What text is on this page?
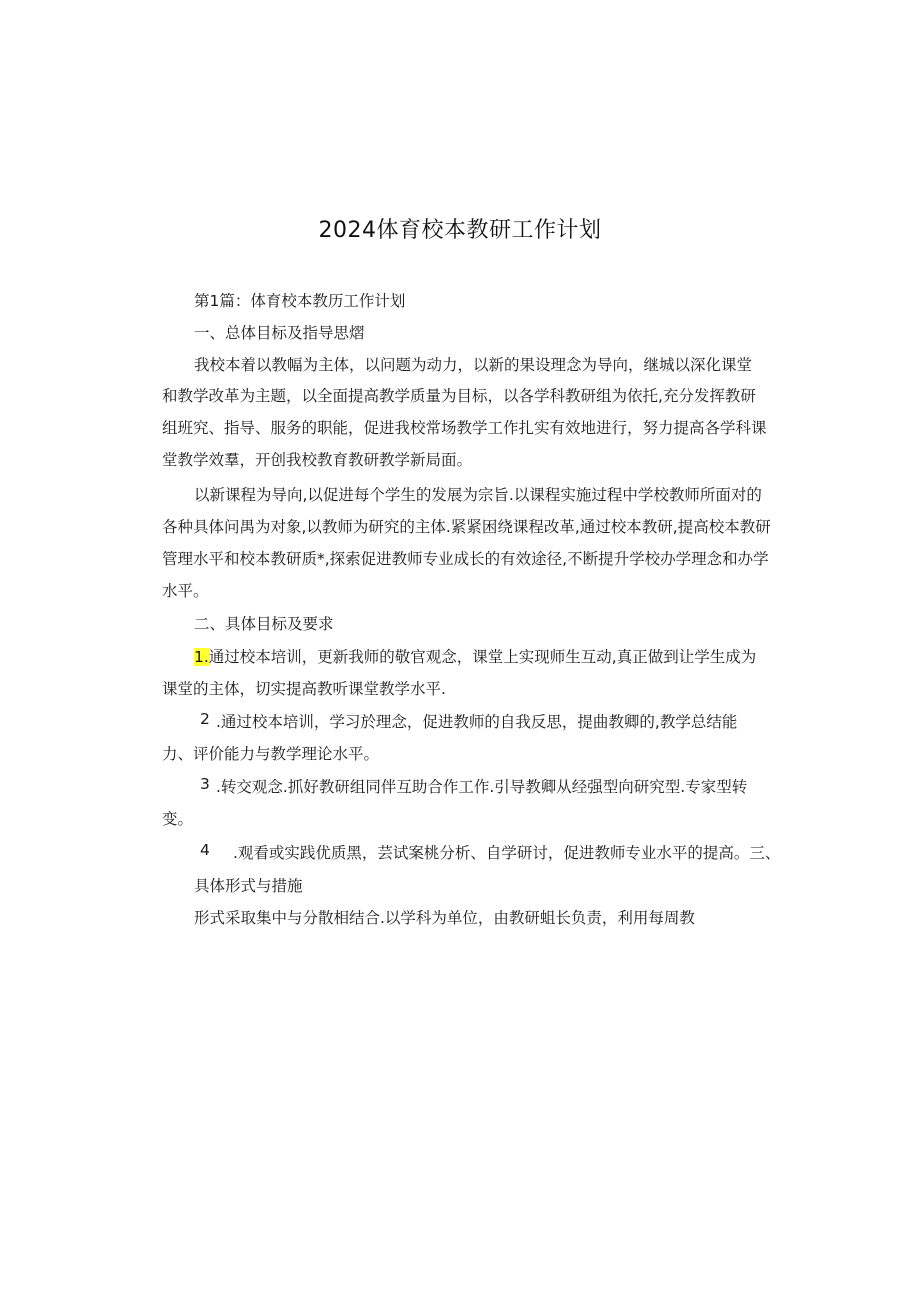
2024体育校本教研工作计划
第1篇：体育校本教历工作计划
一、总体目标及指导思熠
我校本着以教幅为主体，以问题为动力，以新的果设理念为导向，继城以深化课堂
和教学改革为主题，以全面提高教学质量为目标，以各学科教研组为依托,充分发挥教研
组班究、指导、服务的职能，促进我校常场教学工作扎实有效地进行，努力提高各学科课
堂教学效羣，开创我校教育教研教学新局面。
以新课程为导向,以促进每个学生的发展为宗旨.以课程实施过程中学校教师所面对的
各种具体问禺为对象,以教师为研究的主体.紧紧困绕课程改革,通过校本教研,提高校本教研
管理水平和校本教研质*,探索促进教师专业成长的有效途径,不断提升学校办学理念和办学
水平。
二、具体目标及要求
1.通过校本培训，更新我师的敬官观念，课堂上实现师生互动,真正做到让学生成为
课堂的主体，切实提高教听课堂教学水平.
2 .通过校本培训，学习於理念，促进教师的自我反思，提曲教卿的,教学总结能
力、评价能力与教学理论水平。
3 .转交观念.抓好教研组同伴互助合作工作.引导教卿从经强型向研究型.专家型转
变。
4 .观看或实践优质黑，芸试案桃分析、自学研讨，促进教师专业水平的提高。三、
具体形式与措施
形式采取集中与分散相结合.以学科为单位，由教研蛆长负责，利用每周教
